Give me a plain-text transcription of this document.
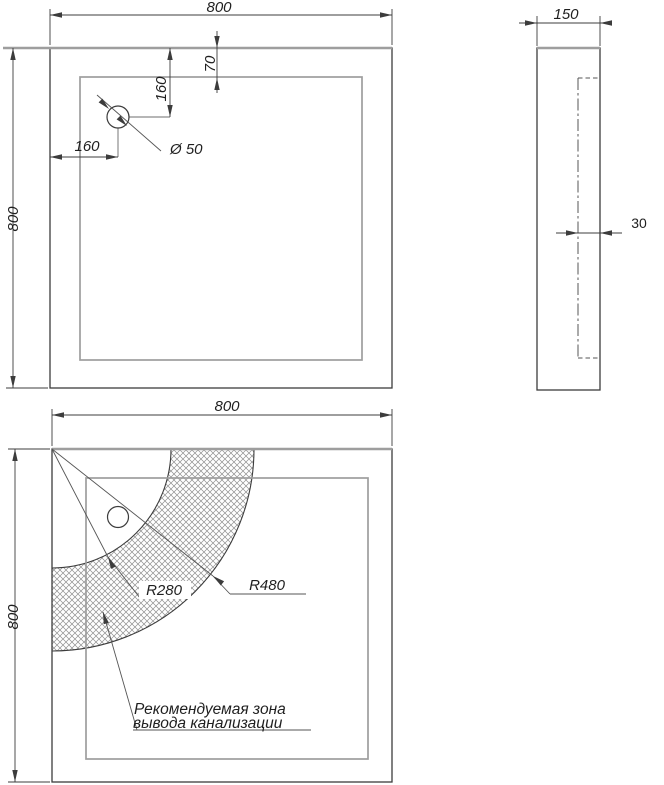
800
800
70
160
160	Ø 50
150
30
800
800
R280	R480
Рекомендуемая зона
вывода канализации
